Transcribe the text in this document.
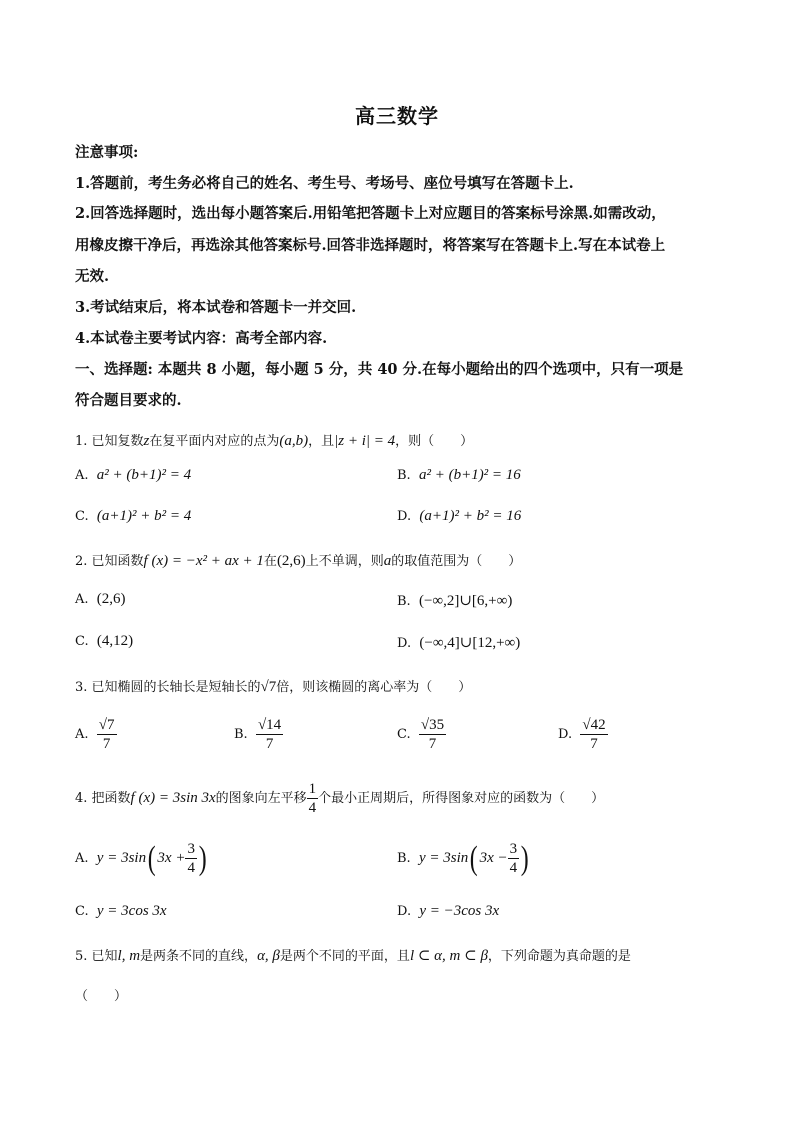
高三数学
注意事项:
1.答题前，考生务必将自己的姓名、考生号、考场号、座位号填写在答题卡上.
2.回答选择题时，选出每小题答案后.用铅笔把答题卡上对应题目的答案标号涂黑.如需改动，
用橡皮擦干净后，再选涂其他答案标号.回答非选择题时，将答案写在答题卡上.写在本试卷上
无效.
3.考试结束后，将本试卷和答题卡一并交回.
4.本试卷主要考试内容：高考全部内容.
一、选择题: 本题共 8 小题，每小题 5 分，共 40 分.在每小题给出的四个选项中，只有一项是
符合题目要求的.
1. 已知复数z在复平面内对应的点为(a,b)，且|z + i| = 4，则（　　）
A. a² + (b+1)² = 4	B. a² + (b+1)² = 16
C. (a+1)² + b² = 4	D. (a+1)² + b² = 16
2. 已知函数f (x) = −x² + ax + 1在(2,6)上不单调，则a的取值范围为（　　）
A. (2,6)	B. (−∞,2]∪[6,+∞)
C. (4,12)	D. (−∞,4]∪[12,+∞)
3. 已知椭圆的长轴长是短轴长的√7倍，则该椭圆的离心率为（　　）
A. $\frac{√7}{7}$	B. $\frac{√14}{7}$	C. $\frac{√35}{7}$	D. $\frac{√42}{7}$
4. 把函数f (x) = 3sin 3x的图象向左平移 $\frac{1}{4}$ 个最小正周期后，所得图象对应的函数为（　　）
A. y = 3sin( $3x + \frac{3}{4}$ )	B. y = 3sin( $3x - \frac{3}{4}$ )
C. y = 3cos 3x	D. y = −3cos 3x
5. 已知l, m是两条不同的直线，α, β是两个不同的平面，且l ⊂ α, m ⊂ β，下列命题为真命题的是
（　　）
